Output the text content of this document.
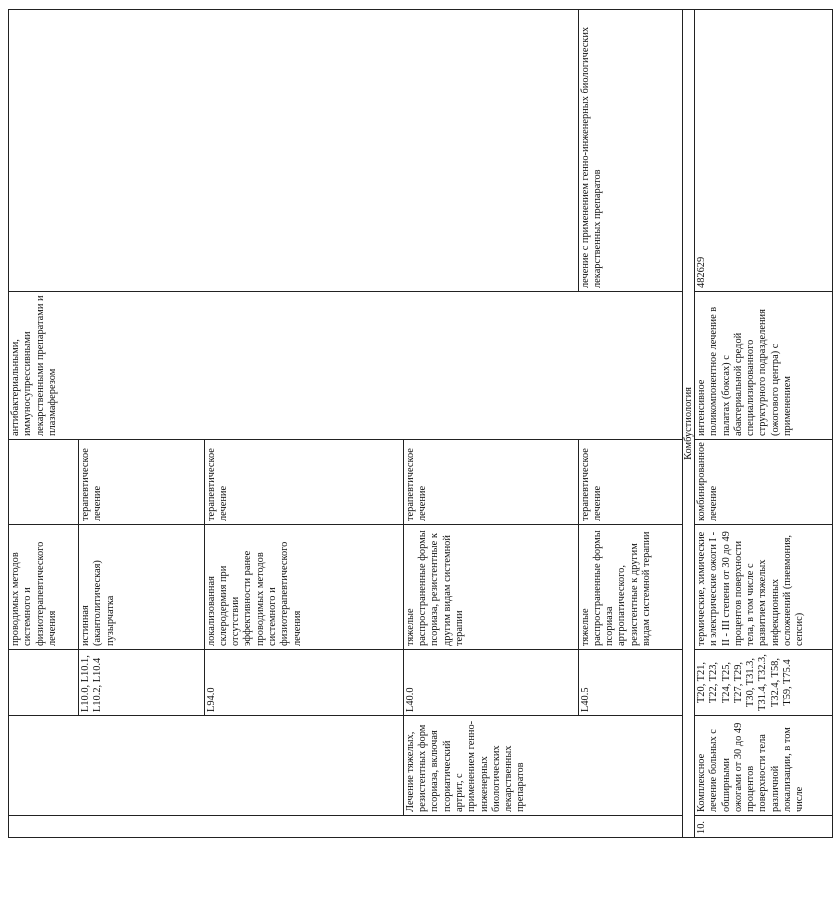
			проводимых методов системного и физиотерапевтического лечения		антибактериальными, иммуносупрессивными лекарственными препаратами и плазмаферезом		
		L10.0, L10.1, L10.2, L10.4	истинная (акантолитическая) пузырчатка	терапевтическое лечение	
		L94.0	локализованная склеродермия при отсутствии эффективности ранее проводимых методов системного и физиотерапевтического лечения	терапевтическое лечение	
	Лечение тяжелых, резистентных форм псориаза, включая псориатический артрит, с применением генно-инженерных биологических лекарственных препаратов	L40.0	тяжелые распространенные формы псориаза, резистентные к другим видам системной терапии	терапевтическое лечение	
		L40.5	тяжелые распространенные формы псориаза артропатического, резистентные к другим видам системной терапии	терапевтическое лечение		лечение с применением генно-инженерных биологических лекарственных препаратов	
Комбустиология							
10.	Комплексное лечение больных с обширными ожогами от 30 до 49 процентов поверхности тела различной локализации, в том числе	T20, T21, T22, T23, T24, T25, T27, T29, T30, T31.3, T31.4, T32.3, T32.4, T58, T59, T75.4	термические, химические и электрические ожоги I - II - III степени от 30 до 49 процентов поверхности тела, в том числе с развитием тяжелых инфекционных осложнений (пневмония, сепсис)	комбинированное лечение	интенсивное поликомпонентное лечение в палатах (боксах) с абактериальной средой специализированного структурного подразделения (ожогового центра) с применением	482629	
